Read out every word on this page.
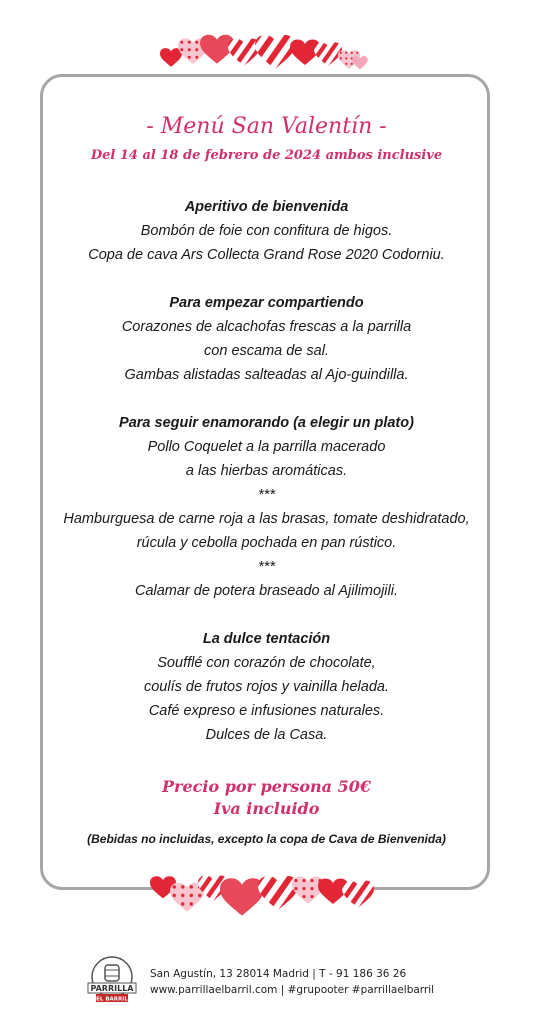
- Menú San Valentín -
Del 14 al 18 de febrero de 2024 ambos inclusive
Aperitivo de bienvenida
Bombón de foie con confitura de higos.
Copa de cava Ars Collecta Grand Rose 2020 Codorniu.
Para empezar compartiendo
Corazones de alcachofas frescas a la parrilla
con escama de sal.
Gambas alistadas salteadas al Ajo-guindilla.
Para seguir enamorando (a elegir un plato)
Pollo Coquelet a la parrilla macerado
a las hierbas aromáticas.
***
Hamburguesa de carne roja a las brasas, tomate deshidratado,
rúcula y cebolla pochada en pan rústico.
***
Calamar de potera braseado al Ajilimojili.
La dulce tentación
Soufflé con corazón de chocolate,
coulís de frutos rojos y vainilla helada.
Café expreso e infusiones naturales.
Dulces de la Casa.
Precio por persona 50€
Iva incluido
(Bebidas no incluidas, excepto la copa de Cava de Bienvenida)
PARRILLA
EL BARRIL
San Agustín, 13 28014 Madrid | T - 91 186 36 26
www.parrillaelbarril.com | #grupooter #parrillaelbarril
